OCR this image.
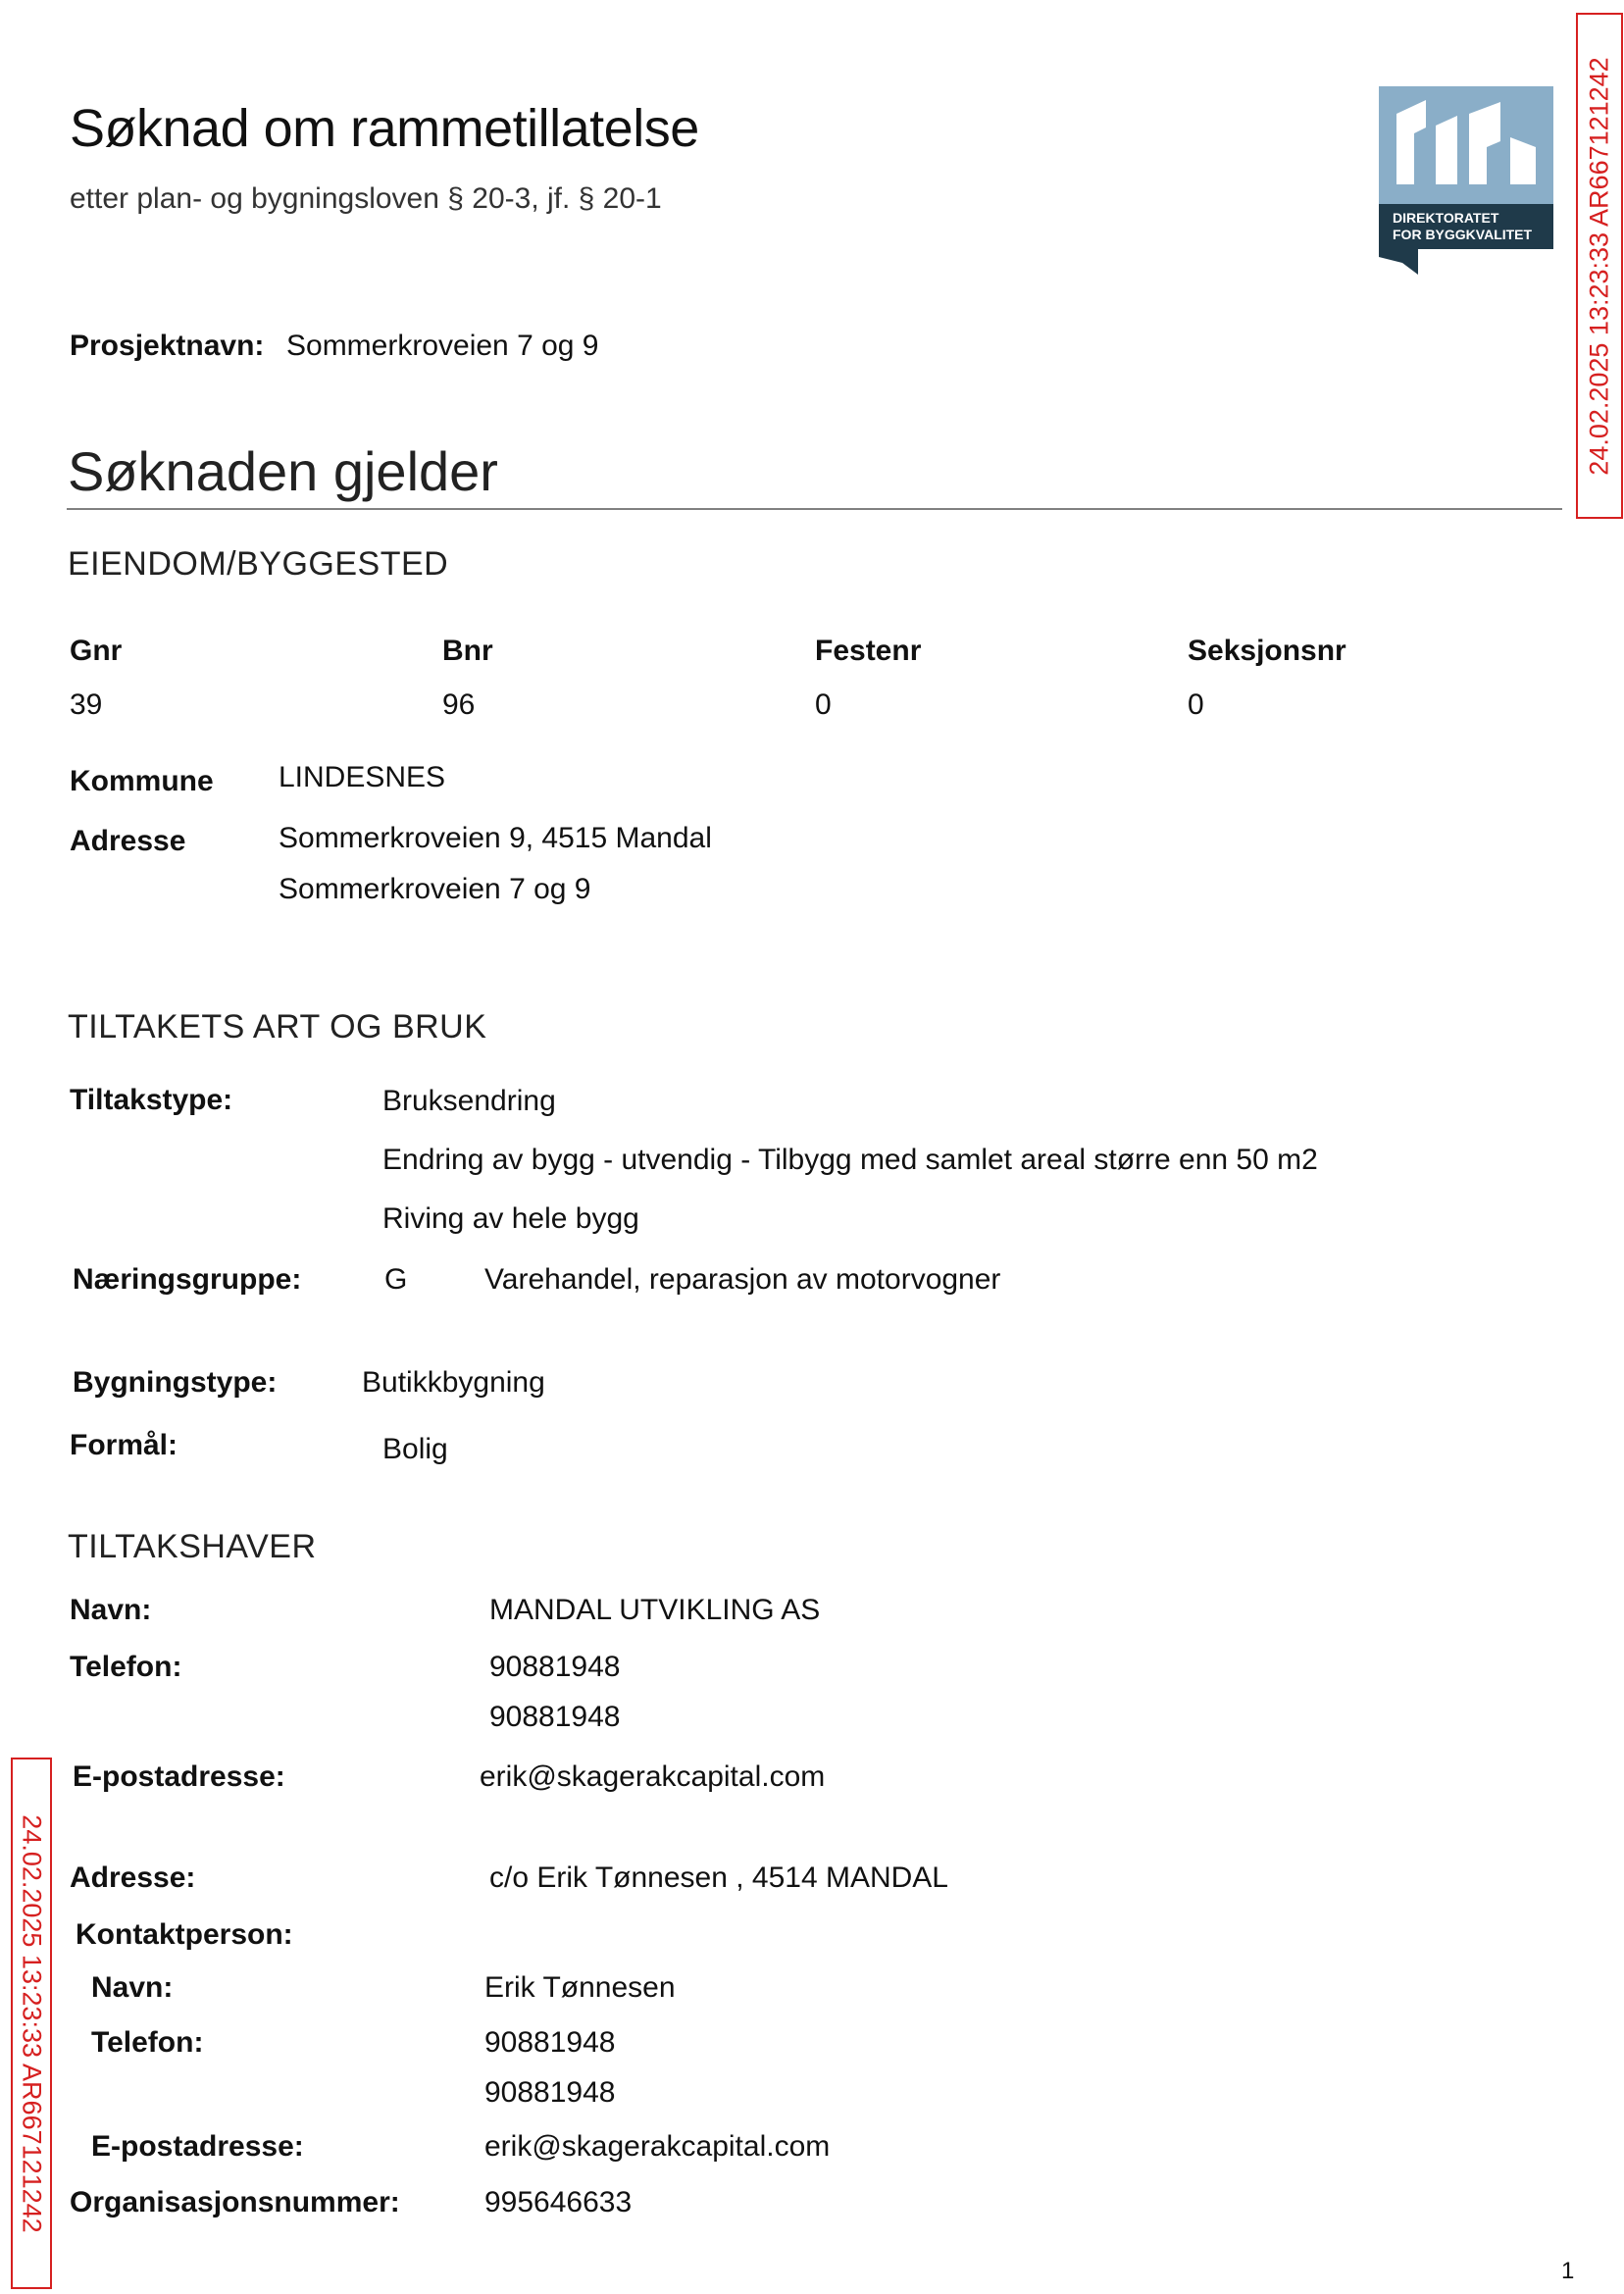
Søknad om rammetillatelse
etter plan- og bygningsloven § 20-3, jf. § 20-1
DIREKTORATET
FOR BYGGKVALITET 24.02.2025 13:23:33 AR667121242
24.02.2025 13:23:33 AR667121242
Prosjektnavn: Sommerkroveien 7 og 9
Søknaden gjelder
EIENDOM/BYGGESTED
Gnr	Bnr	Festenr	Seksjonsnr
39	96	0	0
Kommune LINDESNES
Adresse	Sommerkroveien 9, 4515 Mandal
Sommerkroveien 7 og 9
TILTAKETS ART OG BRUK
Tiltakstype:	Bruksendring
Endring av bygg - utvendig - Tilbygg med samlet areal større enn 50 m2
Riving av hele bygg
Næringsgruppe:	G	Varehandel, reparasjon av motorvogner
Bygningstype:	Butikkbygning
Formål:	Bolig
TILTAKSHAVER
Navn:	MANDAL UTVIKLING AS
Telefon:	90881948
90881948
E-postadresse:	erik@skagerakcapital.com
Adresse:	c/o Erik Tønnesen , 4514 MANDAL
Kontaktperson:
Navn:	Erik Tønnesen
Telefon:	90881948
90881948
E-postadresse:	erik@skagerakcapital.com
Organisasjonsnummer:	995646633
1
